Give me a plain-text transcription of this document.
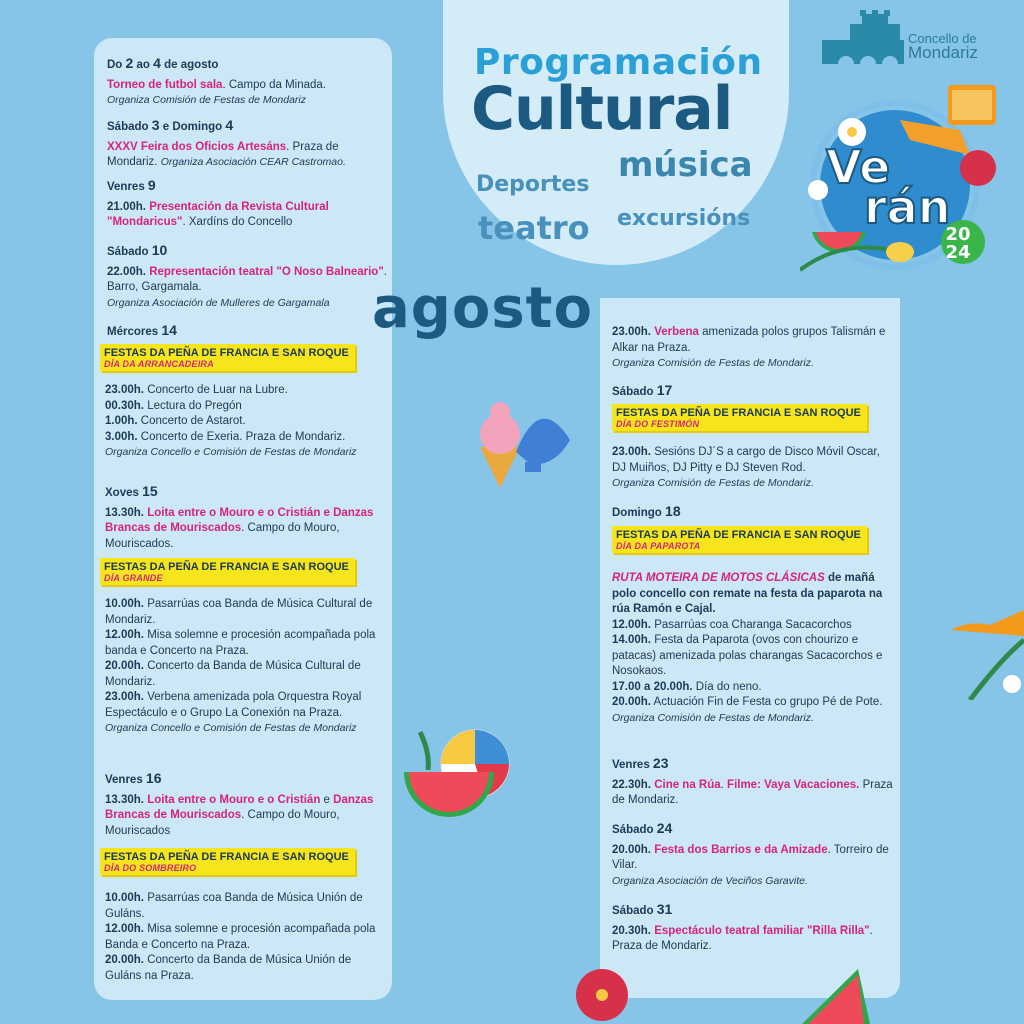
Programación
Cultural
música
Deportes
teatro excursións
agosto
Concello de
Mondariz
Ve
rán
20
24
Do 2 ao 4 de agosto
Torneo de futbol sala. Campo da Minada.
Organiza Comisión de Festas de Mondariz
Sábado 3 e Domingo 4
XXXV Feira dos Oficios Artesáns. Praza de Mondariz. Organiza Asociación CEAR Castromao.
Venres 9
21.00h. Presentación da Revista Cultural "Mondaricus". Xardíns do Concello
Sábado 10
22.00h. Representación teatral "O Noso Balneario". Barro, Gargamala.
Organiza Asociación de Mulleres de Gargamala
Mércores 14
FESTAS DA PEÑA DE FRANCIA E SAN ROQUE
DÍA DA ARRANCADEIRA
23.00h. Concerto de Luar na Lubre.
00.30h. Lectura do Pregón
1.00h. Concerto de Astarot.
3.00h. Concerto de Exeria. Praza de Mondariz.
Organiza Concello e Comisión de Festas de Mondariz
Xoves 15
13.30h. Loita entre o Mouro e o Cristián e Danzas Brancas de Mouriscados. Campo do Mouro, Mouriscados.
FESTAS DA PEÑA DE FRANCIA E SAN ROQUE
DÍA GRANDE
10.00h. Pasarrúas coa Banda de Música Cultural de Mondariz.
12.00h. Misa solemne e procesión acompañada pola banda e Concerto na Praza.
20.00h. Concerto da Banda de Música Cultural de Mondariz.
23.00h. Verbena amenizada pola Orquestra Royal Espectáculo e o Grupo La Conexión na Praza.
Organiza Concello e Comisión de Festas de Mondariz
Venres 16
13.30h. Loita entre o Mouro e o Cristián e Danzas Brancas de Mouriscados. Campo do Mouro, Mouriscados
FESTAS DA PEÑA DE FRANCIA E SAN ROQUE
DÍA DO SOMBREIRO
10.00h. Pasarrúas coa Banda de Música Unión de Guláns.
12.00h. Misa solemne e procesión acompañada pola Banda e Concerto na Praza.
20.00h. Concerto da Banda de Música Unión de Guláns na Praza.
23.00h. Verbena amenizada polos grupos Talismán e Alkar na Praza.
Organiza Comisión de Festas de Mondariz.
Sábado 17
FESTAS DA PEÑA DE FRANCIA E SAN ROQUE
DÍA DO FESTIMÓN
23.00h. Sesións DJ´S a cargo de Disco Móvil Oscar, DJ Muiños, DJ Pitty e DJ Steven Rod.
Organiza Comisión de Festas de Mondariz.
Domingo 18
FESTAS DA PEÑA DE FRANCIA E SAN ROQUE
DÍA DA PAPAROTA
RUTA MOTEIRA DE MOTOS CLÁSICAS de mañá polo concello con remate na festa da paparota na rúa Ramón e Cajal.
12.00h. Pasarrúas coa Charanga Sacacorchos
14.00h. Festa da Paparota (ovos con chourizo e patacas) amenizada polas charangas Sacacorchos e Nosokaos.
17.00 a 20.00h. Día do neno.
20.00h. Actuación Fin de Festa co grupo Pé de Pote.
Organiza Comisión de Festas de Mondariz.
Venres 23
22.30h. Cine na Rúa. Filme: Vaya Vacaciones. Praza de Mondariz.
Sábado 24
20.00h. Festa dos Barrios e da Amizade. Torreiro de Vilar.
Organiza Asociación de Veciños Garavite.
Sábado 31
20.30h. Espectáculo teatral familiar "Rilla Rilla". Praza de Mondariz.
